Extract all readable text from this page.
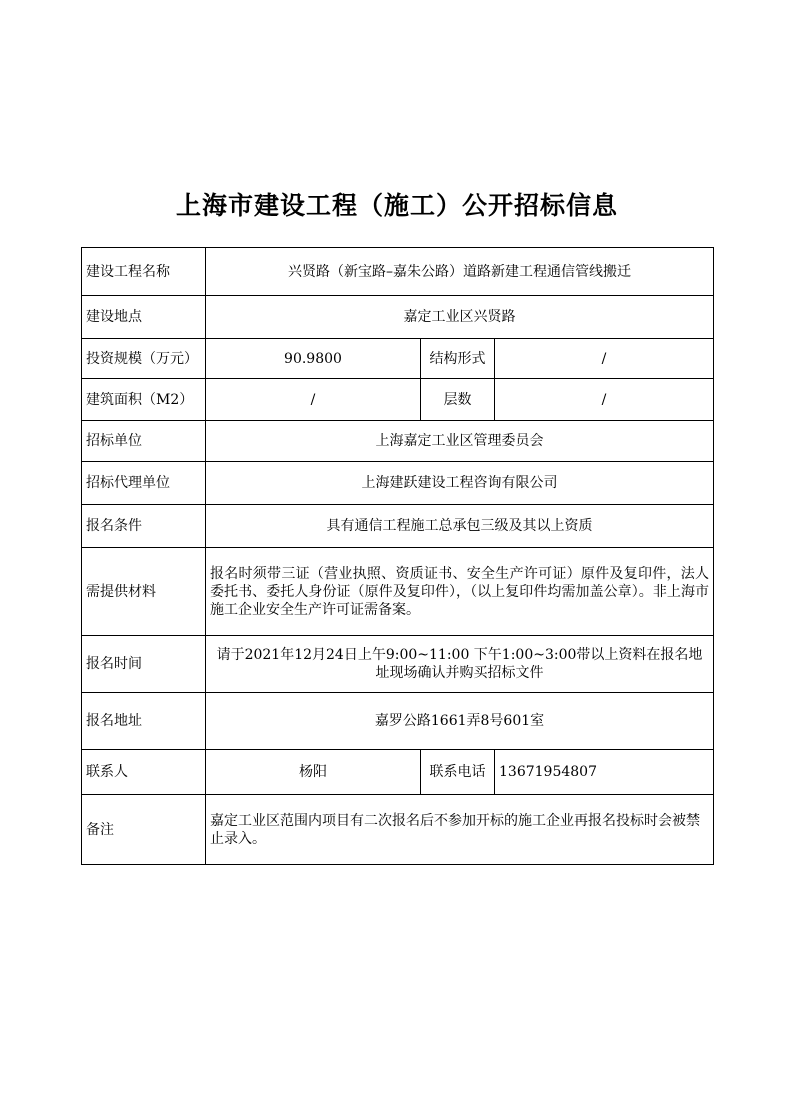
上海市建设工程（施工）公开招标信息
建设工程名称	兴贤路（新宝路–嘉朱公路）道路新建工程通信管线搬迁		
建设地点	嘉定工业区兴贤路		
投资规模（万元）	90.9800	结构形式	/
建筑面积（M2）	/	层数	/
招标单位	上海嘉定工业区管理委员会		
招标代理单位	上海建跃建设工程咨询有限公司		
报名条件	具有通信工程施工总承包三级及其以上资质		
需提供材料	报名时须带三证（营业执照、资质证书、安全生产许可证）原件及复印件，法人委托书、委托人身份证（原件及复印件），（以上复印件均需加盖公章）。非上海市施工企业安全生产许可证需备案。		
报名时间	请于2021年12月24日上午9:00~11:00 下午1:00~3:00带以上资料在报名地址现场确认并购买招标文件		
报名地址	嘉罗公路1661弄8号601室		
联系人	杨阳	联系电话	13671954807
备注	嘉定工业区范围内项目有二次报名后不参加开标的施工企业再报名投标时会被禁止录入。		
